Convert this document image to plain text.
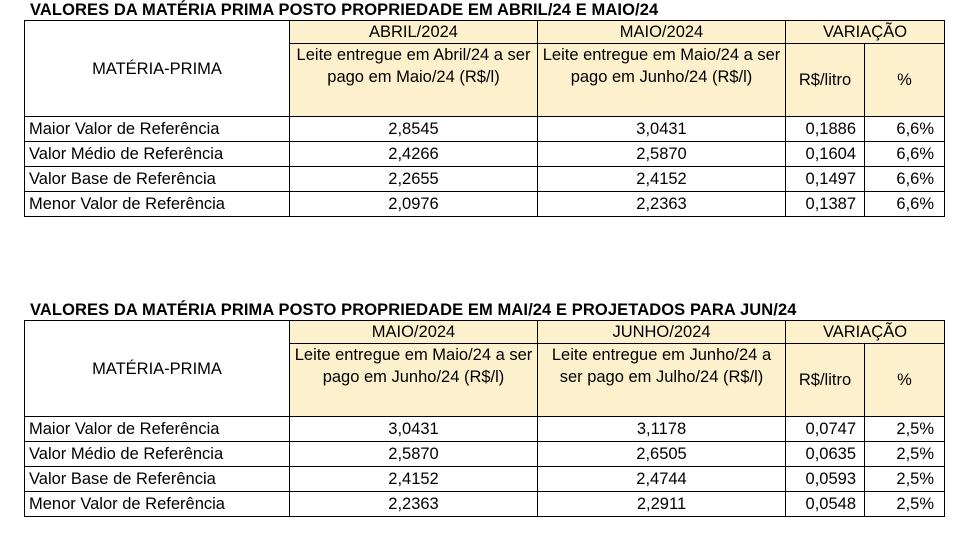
VALORES DA MATÉRIA PRIMA POSTO PROPRIEDADE EM ABRIL/24 E MAIO/24
MATÉRIA-PRIMA	ABRIL/2024	MAIO/2024	VARIAÇÃO	
	Leite entregue em Abril/24 a ser pago em Maio/24 (R$/l)	Leite entregue em Maio/24 a ser pago em Junho/24 (R$/l)	R$/litro	%
Maior Valor de Referência	2,8545	3,0431	0,1886	6,6%
Valor Médio de Referência	2,4266	2,5870	0,1604	6,6%
Valor Base de Referência	2,2655	2,4152	0,1497	6,6%
Menor Valor de Referência	2,0976	2,2363	0,1387	6,6%
VALORES DA MATÉRIA PRIMA POSTO PROPRIEDADE EM MAI/24 E PROJETADOS PARA JUN/24
MATÉRIA-PRIMA	MAIO/2024	JUNHO/2024	VARIAÇÃO	
	Leite entregue em Maio/24 a ser pago em Junho/24 (R$/l)	Leite entregue em Junho/24 a ser pago em Julho/24 (R$/l)	R$/litro	%
Maior Valor de Referência	3,0431	3,1178	0,0747	2,5%
Valor Médio de Referência	2,5870	2,6505	0,0635	2,5%
Valor Base de Referência	2,4152	2,4744	0,0593	2,5%
Menor Valor de Referência	2,2363	2,2911	0,0548	2,5%
